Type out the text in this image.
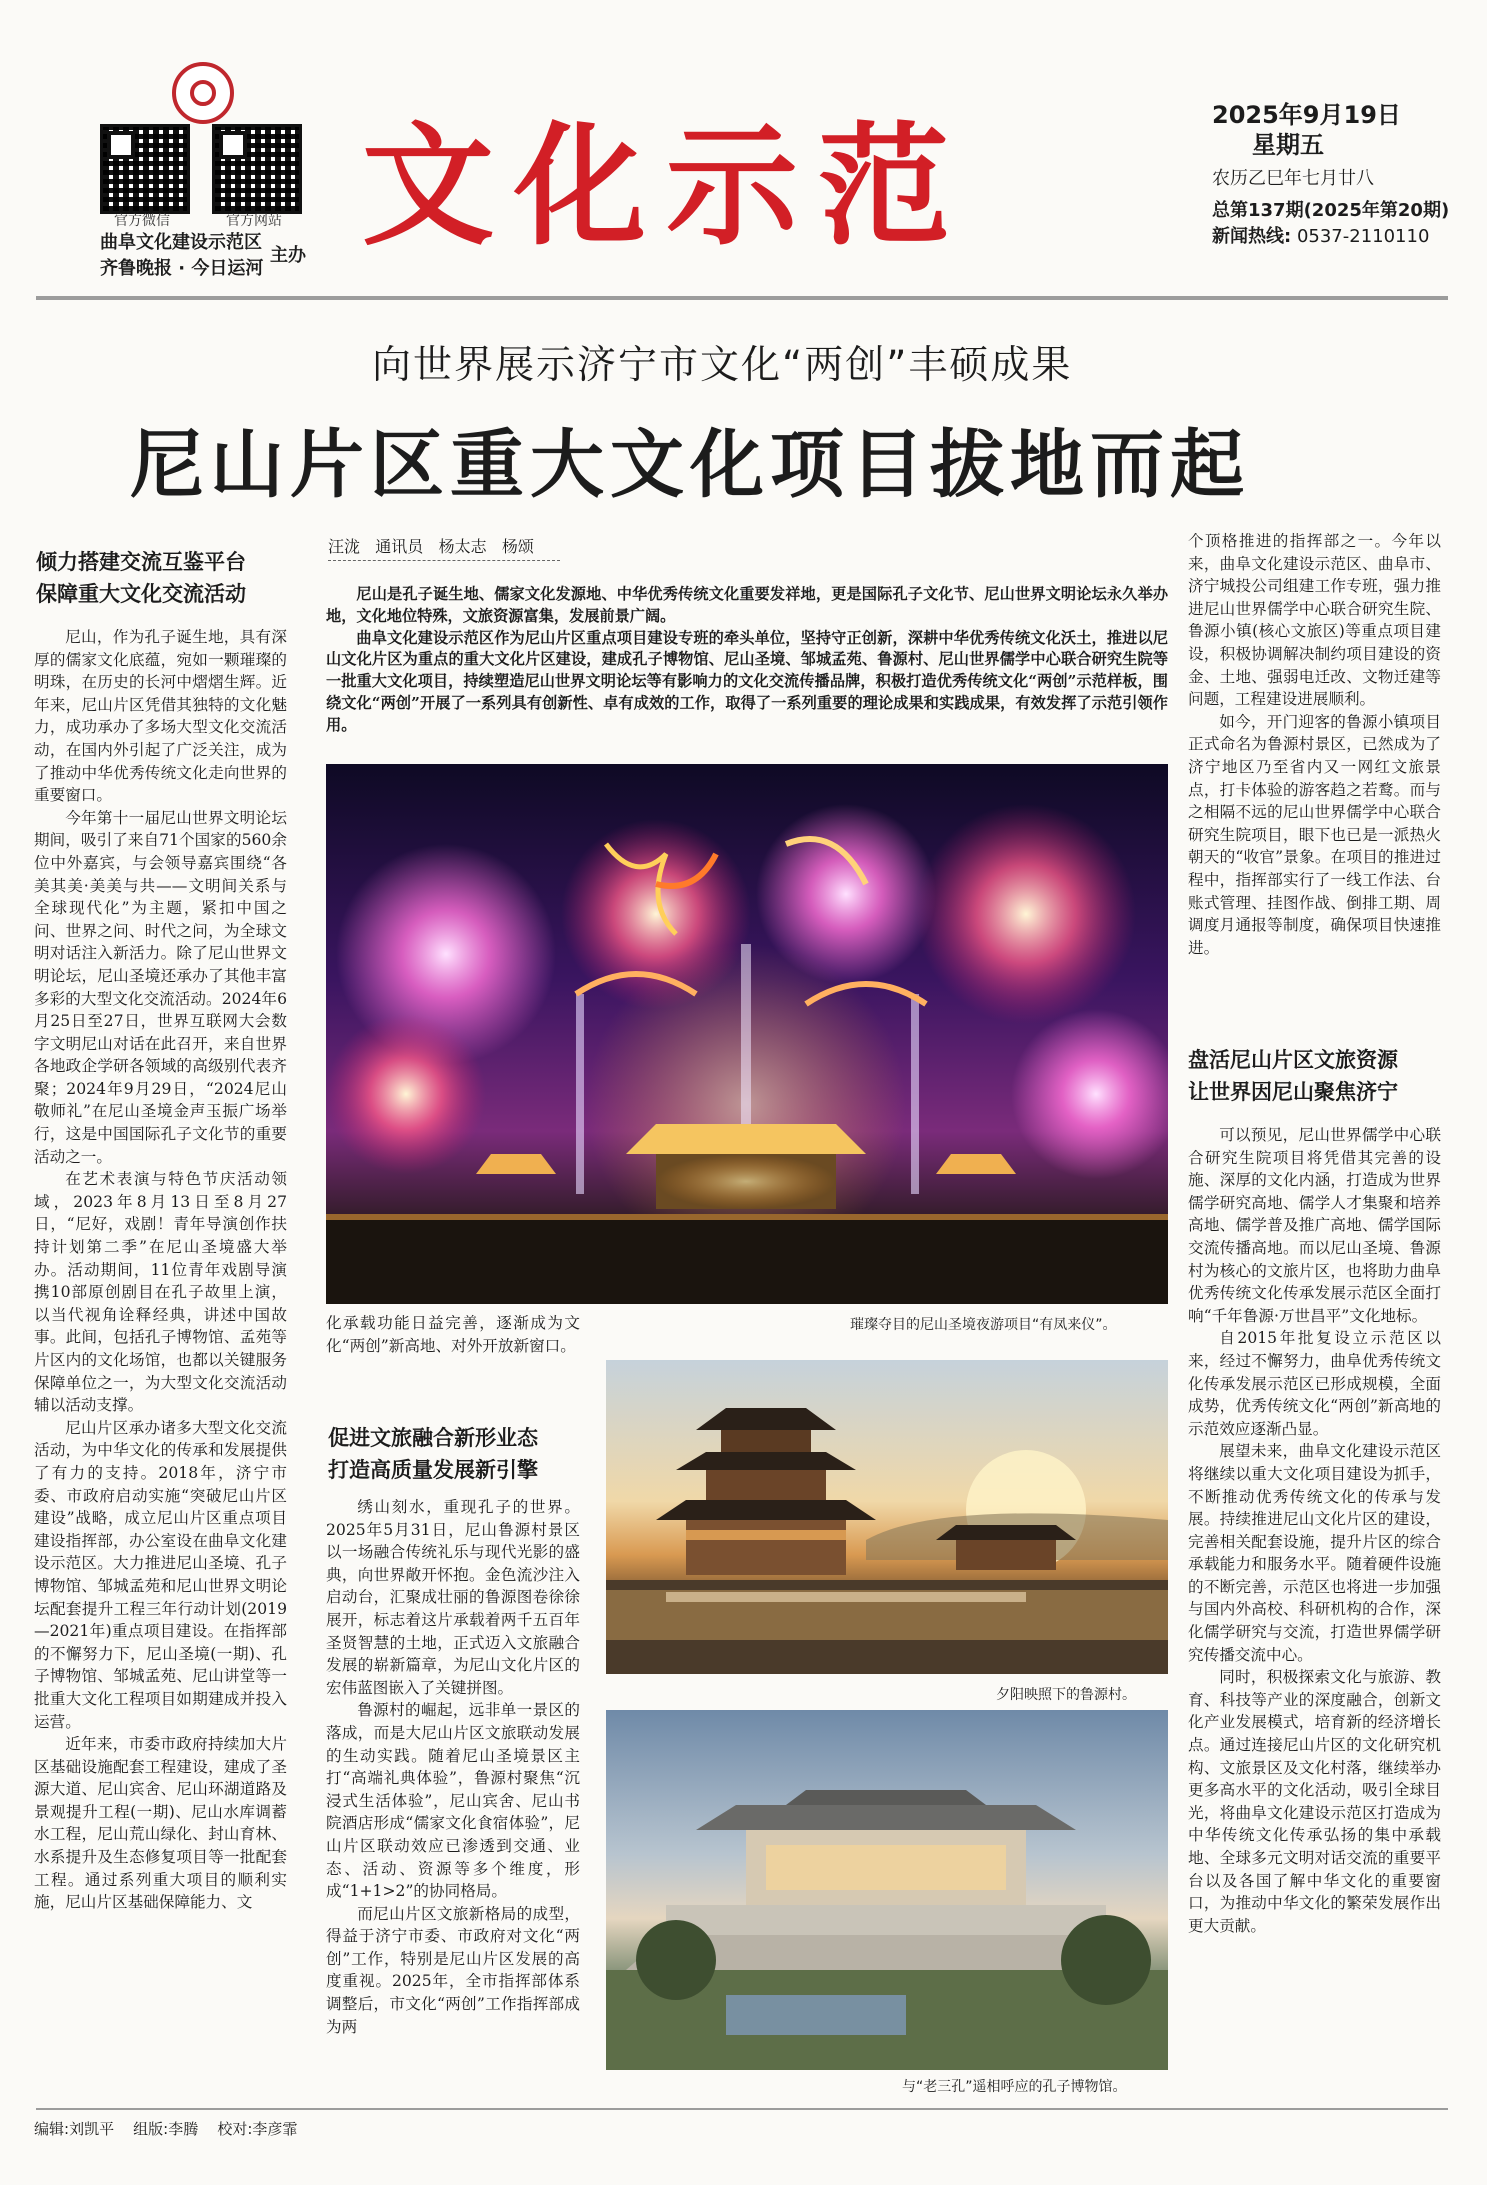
官方微信	官方网站
曲阜文化建设示范区
齐鲁晚报 · 今日运河
主办 文化示范	2025年9月19日
星期五
农历乙巳年七月廿八
总第137期(2025年第20期)
新闻热线: 0537-2110110
向世界展示济宁市文化“两创”丰硕成果
尼山片区重大文化项目拔地而起
倾力搭建交流互鉴平台
保障重大文化交流活动

尼山，作为孔子诞生地，具有深厚的儒家文化底蕴，宛如一颗璀璨的明珠，在历史的长河中熠熠生辉。近年来，尼山片区凭借其独特的文化魅力，成功承办了多场大型文化交流活动，在国内外引起了广泛关注，成为了推动中华优秀传统文化走向世界的重要窗口。

今年第十一届尼山世界文明论坛期间，吸引了来自71个国家的560余位中外嘉宾，与会领导嘉宾围绕“各美其美·美美与共——文明间关系与全球现代化”为主题，紧扣中国之问、世界之问、时代之问，为全球文明对话注入新活力。除了尼山世界文明论坛，尼山圣境还承办了其他丰富多彩的大型文化交流活动。2024年6月25日至27日，世界互联网大会数字文明尼山对话在此召开，来自世界各地政企学研各领域的高级别代表齐聚；2024年9月29日，“2024尼山敬师礼”在尼山圣境金声玉振广场举行，这是中国国际孔子文化节的重要活动之一。

在艺术表演与特色节庆活动领域，2023年8月13日至8月27日，“尼好，戏剧！青年导演创作扶持计划第二季”在尼山圣境盛大举办。活动期间，11位青年戏剧导演携10部原创剧目在孔子故里上演，以当代视角诠释经典，讲述中国故事。此间，包括孔子博物馆、孟苑等片区内的文化场馆，也都以关键服务保障单位之一，为大型文化交流活动辅以活动支撑。

尼山片区承办诸多大型文化交流活动，为中华文化的传承和发展提供了有力的支持。2018年，济宁市委、市政府启动实施“突破尼山片区建设”战略，成立尼山片区重点项目建设指挥部，办公室设在曲阜文化建设示范区。大力推进尼山圣境、孔子博物馆、邹城孟苑和尼山世界文明论坛配套提升工程三年行动计划(2019—2021年)重点项目建设。在指挥部的不懈努力下，尼山圣境(一期)、孔子博物馆、邹城孟苑、尼山讲堂等一批重大文化工程项目如期建成并投入运营。

近年来，市委市政府持续加大片区基础设施配套工程建设，建成了圣源大道、尼山宾舍、尼山环湖道路及景观提升工程(一期)、尼山水库调蓄水工程，尼山荒山绿化、封山育林、水系提升及生态修复项目等一批配套工程。通过系列重大项目的顺利实施，尼山片区基础保障能力、文

汪泷 通讯员 杨太志 杨颂

尼山是孔子诞生地、儒家文化发源地、中华优秀传统文化重要发祥地，更是国际孔子文化节、尼山世界文明论坛永久举办地，文化地位特殊，文旅资源富集，发展前景广阔。

曲阜文化建设示范区作为尼山片区重点项目建设专班的牵头单位，坚持守正创新，深耕中华优秀传统文化沃土，推进以尼山文化片区为重点的重大文化片区建设，建成孔子博物馆、尼山圣境、邹城孟苑、鲁源村、尼山世界儒学中心联合研究生院等一批重大文化项目，持续塑造尼山世界文明论坛等有影响力的文化交流传播品牌，积极打造优秀传统文化“两创”示范样板，围绕文化“两创”开展了一系列具有创新性、卓有成效的工作，取得了一系列重要的理论成果和实践成果，有效发挥了示范引领作用。

璀璨夺目的尼山圣境夜游项目“有凤来仪”。
化承载功能日益完善，逐渐成为文化“两创”新高地、对外开放新窗口。
促进文旅融合新形业态
打造高质量发展新引擎

绣山刻水，重现孔子的世界。2025年5月31日，尼山鲁源村景区以一场融合传统礼乐与现代光影的盛典，向世界敞开怀抱。金色流沙注入启动台，汇聚成壮丽的鲁源图卷徐徐展开，标志着这片承载着两千五百年圣贤智慧的土地，正式迈入文旅融合发展的崭新篇章，为尼山文化片区的宏伟蓝图嵌入了关键拼图。

鲁源村的崛起，远非单一景区的落成，而是大尼山片区文旅联动发展的生动实践。随着尼山圣境景区主打“高端礼典体验”，鲁源村聚焦“沉浸式生活体验”，尼山宾舍、尼山书院酒店形成“儒家文化食宿体验”，尼山片区联动效应已渗透到交通、业态、活动、资源等多个维度，形成“1+1>2”的协同格局。

而尼山片区文旅新格局的成型，得益于济宁市委、市政府对文化“两创”工作，特别是尼山片区发展的高度重视。2025年，全市指挥部体系调整后，市文化“两创”工作指挥部成为两

夕阳映照下的鲁源村。
与“老三孔”遥相呼应的孔子博物馆。
个顶格推进的指挥部之一。今年以来，曲阜文化建设示范区、曲阜市、济宁城投公司组建工作专班，强力推进尼山世界儒学中心联合研究生院、鲁源小镇(核心文旅区)等重点项目建设，积极协调解决制约项目建设的资金、土地、强弱电迁改、文物迁建等问题，工程建设进展顺利。

如今，开门迎客的鲁源小镇项目正式命名为鲁源村景区，已然成为了济宁地区乃至省内又一网红文旅景点，打卡体验的游客趋之若鹜。而与之相隔不远的尼山世界儒学中心联合研究生院项目，眼下也已是一派热火朝天的“收官”景象。在项目的推进过程中，指挥部实行了一线工作法、台账式管理、挂图作战、倒排工期、周调度月通报等制度，确保项目快速推进。

盘活尼山片区文旅资源
让世界因尼山聚焦济宁

可以预见，尼山世界儒学中心联合研究生院项目将凭借其完善的设施、深厚的文化内涵，打造成为世界儒学研究高地、儒学人才集聚和培养高地、儒学普及推广高地、儒学国际交流传播高地。而以尼山圣境、鲁源村为核心的文旅片区，也将助力曲阜优秀传统文化传承发展示范区全面打响“千年鲁源·万世昌平”文化地标。

自2015年批复设立示范区以来，经过不懈努力，曲阜优秀传统文化传承发展示范区已形成规模，全面成势，优秀传统文化“两创”新高地的示范效应逐渐凸显。

展望未来，曲阜文化建设示范区将继续以重大文化项目建设为抓手，不断推动优秀传统文化的传承与发展。持续推进尼山文化片区的建设，完善相关配套设施，提升片区的综合承载能力和服务水平。随着硬件设施的不断完善，示范区也将进一步加强与国内外高校、科研机构的合作，深化儒学研究与交流，打造世界儒学研究传播交流中心。

同时，积极探索文化与旅游、教育、科技等产业的深度融合，创新文化产业发展模式，培育新的经济增长点。通过连接尼山片区的文化研究机构、文旅景区及文化村落，继续举办更多高水平的文化活动，吸引全球目光，将曲阜文化建设示范区打造成为中华传统文化传承弘扬的集中承载地、全球多元文明对话交流的重要平台以及各国了解中华文化的重要窗口，为推动中华文化的繁荣发展作出更大贡献。

编辑:刘凯平 组版:李腾 校对:李彦霏
